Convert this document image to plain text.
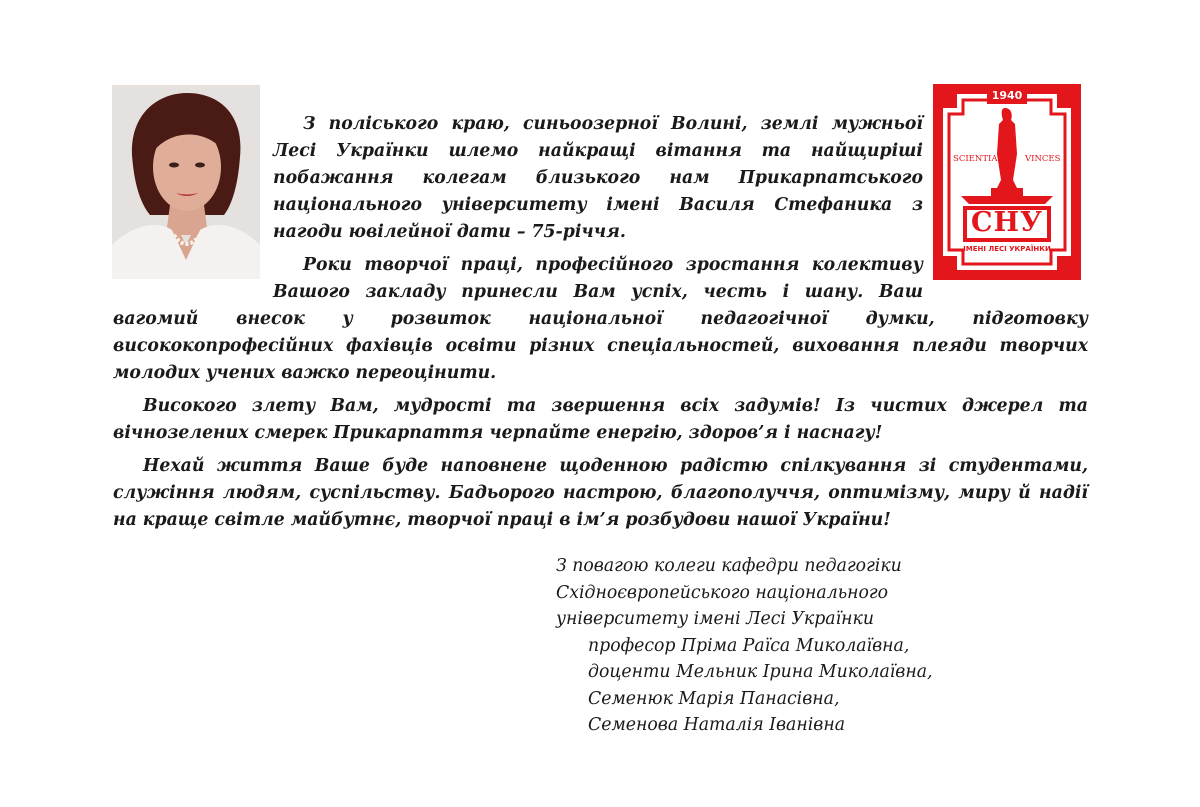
1940
SCIENTIA	VINCES
СНУ
ІМЕНІ ЛЕСІ УКРАЇНКИ

З поліського краю, синьоозерної Волині, землі мужньої Лесі Українки шлемо найкращі вітання та найщиріші побажання колегам близького нам Прикарпатського національного університету імені Василя Стефаника з нагоди ювілейної дати – 75-річчя.

Роки творчої праці, професійного зростання колективу Вашого закладу принесли Вам успіх, честь і шану. Ваш вагомий внесок у розвиток національної педагогічної думки, підготовку висококопрофесійних фахівців освіти різних спеціальностей, виховання плеяди творчих молодих учених важко переоцінити.

Високого злету Вам, мудрості та звершення всіх задумів! Із чистих джерел та вічнозелених смерек Прикарпаття черпайте енергію, здоров’я і наснагу!

Нехай життя Ваше буде наповнене щоденною радістю спілкування зі студентами, служіння людям, суспільству. Бадьорого настрою, благополуччя, оптимізму, миру й надії на краще світле майбутнє, творчої праці в ім’я розбудови нашої України!

З повагою колеги кафедри педагогіки
Східноєвропейського національного
університету імені Лесі Українки
професор Пріма Раїса Миколаївна,
доценти Мельник Ірина Миколаївна,
Семенюк Марія Панасівна,
Семенова Наталія Іванівна
